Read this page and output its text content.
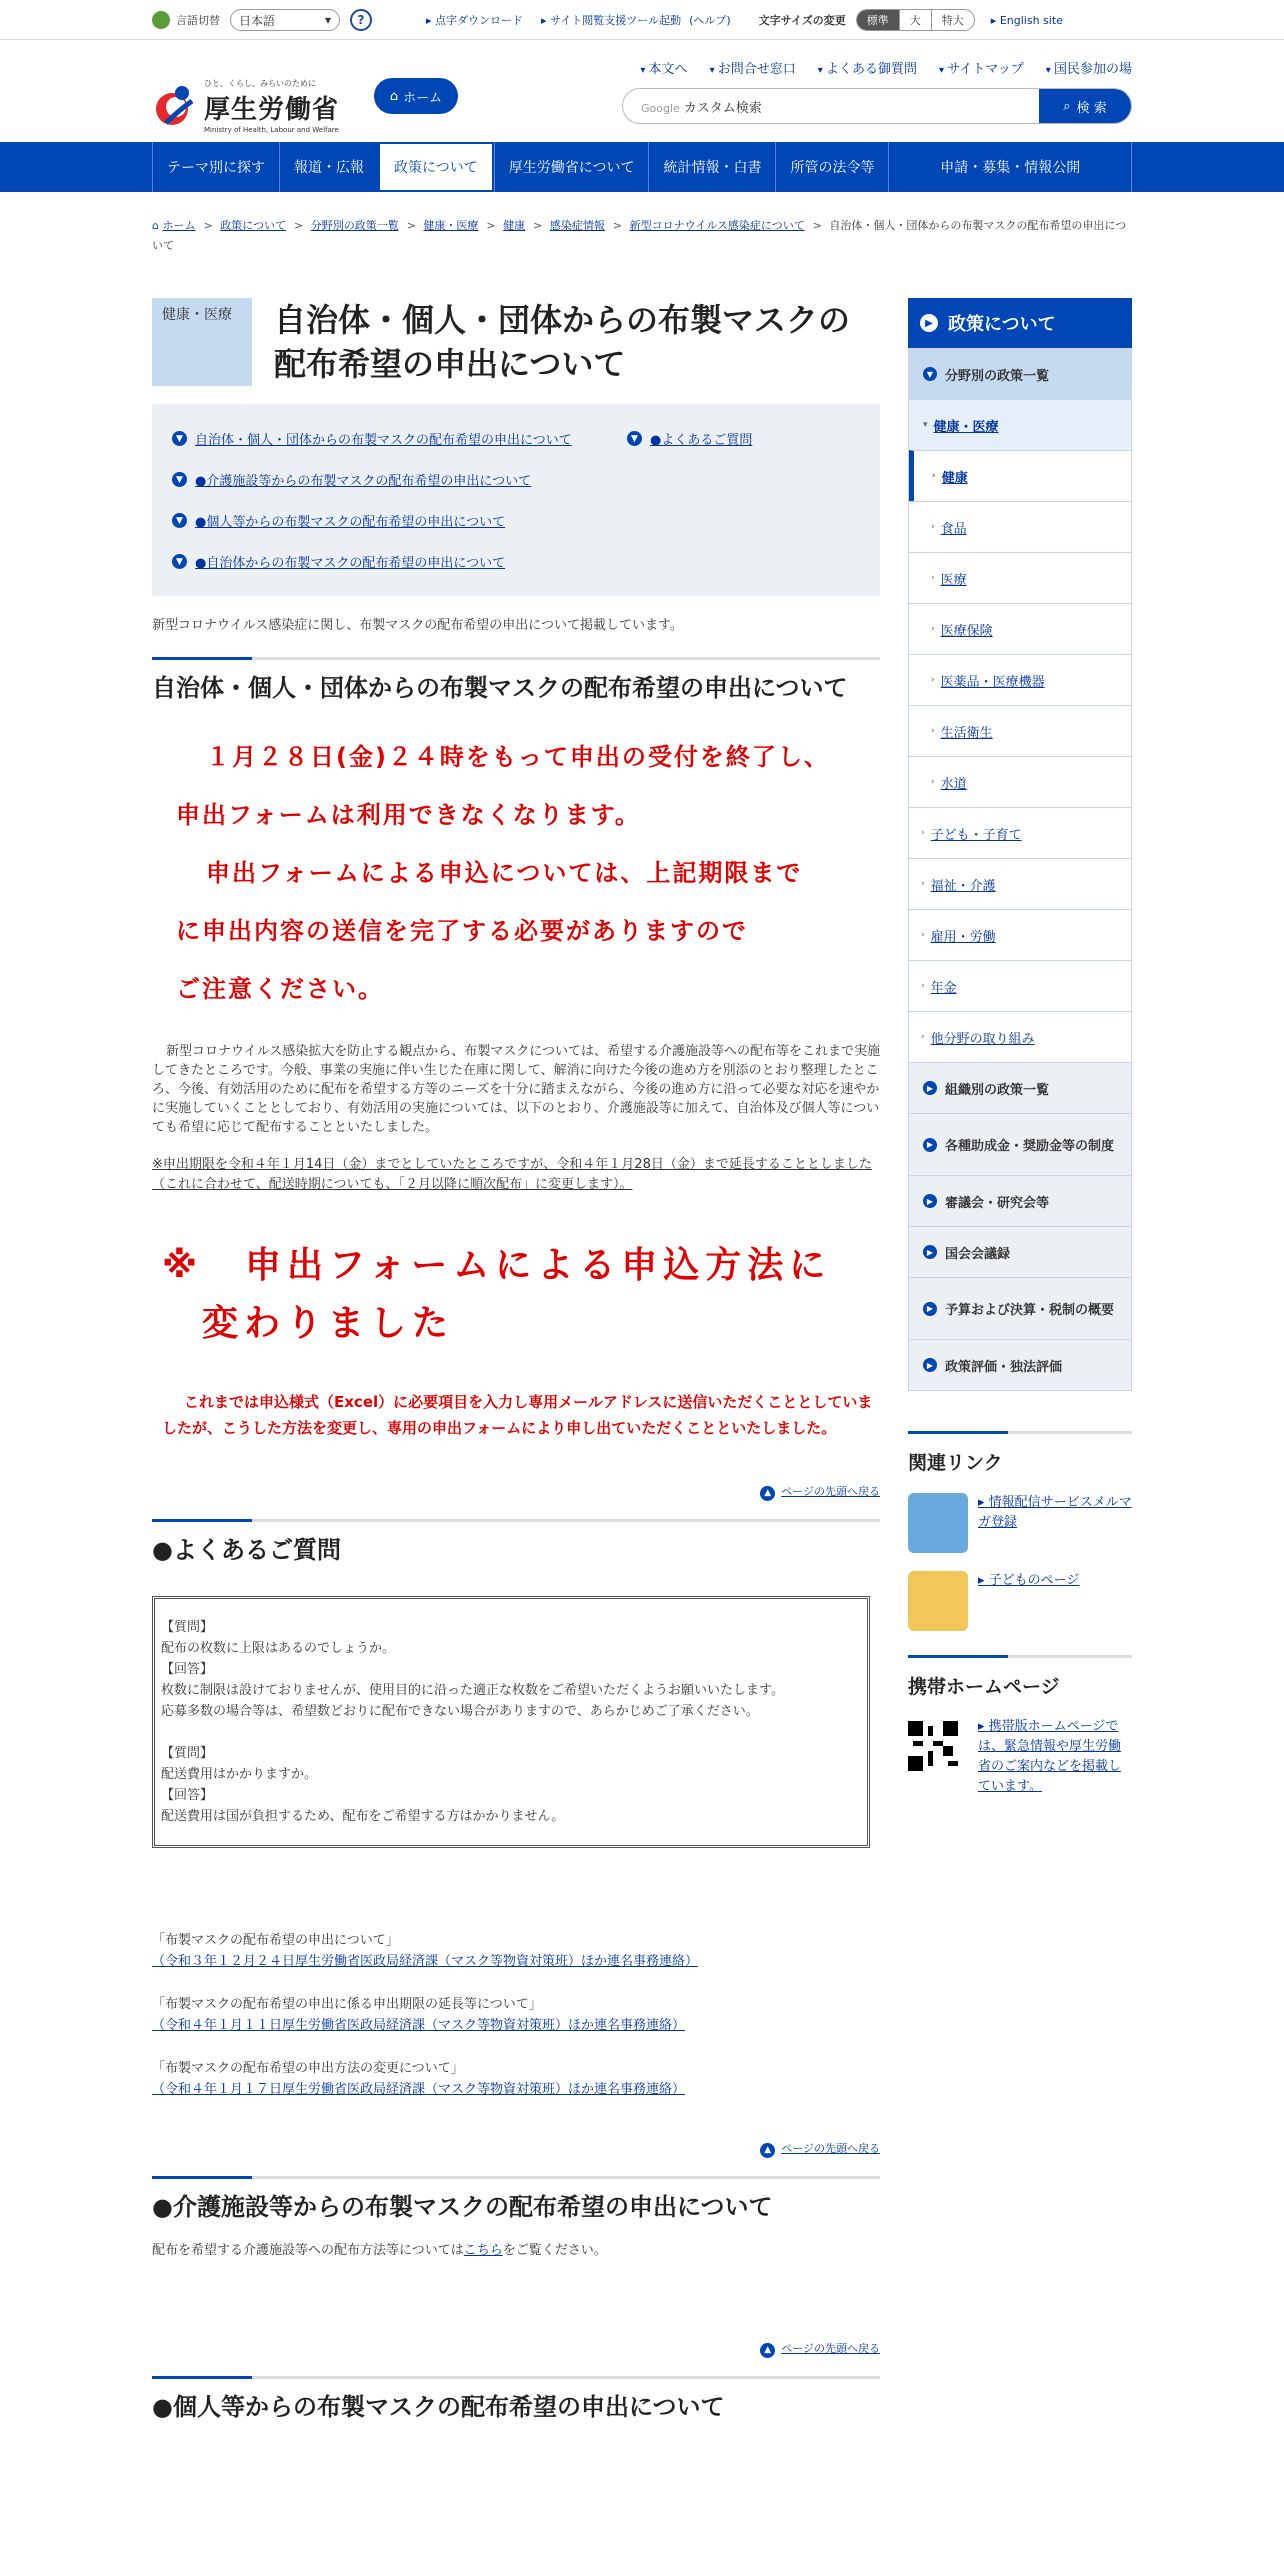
言語切替 日本語	▾	?	▸ 点字ダウンロード	▸ サイト閲覧支援ツール起動 (ヘルプ)	文字サイズの変更	標準	大	特大	▸ English site
ひと、くらし、みらいのために
厚生労働省
Ministry of Health, Labour and Welfare
⌂ ホーム
▾ 本文へ	▾ お問合せ窓口	▾ よくある御質問	▾ サイトマップ	▾ 国民参加の場
Google カスタム検索	⌕ 検 索
テーマ別に探す	報道・広報	政策について	厚生労働省について	統計情報・白書	所管の法令等	申請・募集・情報公開
⌂ ホーム > 政策について > 分野別の政策一覧 > 健康・医療 > 健康 > 感染症情報 > 新型コロナウイルス感染症について > 自治体・個人・団体からの布製マスクの配布希望の申出について
健康・医療	自治体・個人・団体からの布製マスクの配布希望の申出について
▼ 自治体・個人・団体からの布製マスクの配布希望の申出について	▼ ●よくあるご質問
▼ ●介護施設等からの布製マスクの配布希望の申出について
▼ ●個人等からの布製マスクの配布希望の申出について
▼ ●自治体からの布製マスクの配布希望の申出について

新型コロナウイルス感染症に関し、布製マスクの配布希望の申出について掲載しています。

自治体・個人・団体からの布製マスクの配布希望の申出について
１月２８日(金)２４時をもって申出の受付を終了し、
申出フォームは利用できなくなります。
申出フォームによる申込については、上記期限まで
に申出内容の送信を完了する必要がありますので
ご注意ください。

新型コロナウイルス感染拡大を防止する観点から、布製マスクについては、希望する介護施設等への配布等をこれまで実施してきたところです。今般、事業の実施に伴い生じた在庫に関して、解消に向けた今後の進め方を別添のとおり整理したところ、今後、有効活用のために配布を希望する方等のニーズを十分に踏まえながら、今後の進め方に沿って必要な対応を速やかに実施していくこととしており、有効活用の実施については、以下のとおり、介護施設等に加えて、自治体及び個人等についても希望に応じて配布することといたしました。

※申出期限を令和４年１月14日（金）までとしていたところですが、令和４年１月28日（金）まで延長することとしました（これに合わせて、配送時期についても、「２月以降に順次配布」に変更します）。

※　申出フォームによる申込方法に
変わりました

これまでは申込様式（Excel）に必要項目を入力し専用メールアドレスに送信いただくこととしていましたが、こうした方法を変更し、専用の申出フォームにより申し出ていただくことといたしました。

▲ ページの先頭へ戻る
●よくあるご質問
【質問】
配布の枚数に上限はあるのでしょうか。
【回答】
枚数に制限は設けておりませんが、使用目的に沿った適正な枚数をご希望いただくようお願いいたします。
応募多数の場合等は、希望数どおりに配布できない場合がありますので、あらかじめご了承ください。
【質問】
配送費用はかかりますか。
【回答】
配送費用は国が負担するため、配布をご希望する方はかかりません。

「布製マスクの配布希望の申出について」
（令和３年１２月２４日厚生労働省医政局経済課（マスク等物資対策班）ほか連名事務連絡）

「布製マスクの配布希望の申出に係る申出期限の延長等について」
（令和４年１月１１日厚生労働省医政局経済課（マスク等物資対策班）ほか連名事務連絡）

「布製マスクの配布希望の申出方法の変更について」
（令和４年１月１７日厚生労働省医政局経済課（マスク等物資対策班）ほか連名事務連絡）

▲ ページの先頭へ戻る
●介護施設等からの布製マスクの配布希望の申出について

配布を希望する介護施設等への配布方法等についてはこちらをご覧ください。

▲ ページの先頭へ戻る
●個人等からの布製マスクの配布希望の申出について
▶ 政策について
▼ 分野別の政策一覧
▾ 健康・医療
› 健康
› 食品
› 医療
› 医療保険
› 医薬品・医療機器
› 生活衛生
› 水道
› 子ども・子育て
› 福祉・介護
› 雇用・労働
› 年金
› 他分野の取り組み
▶ 組織別の政策一覧
▶ 各種助成金・奨励金等の制度
▶ 審議会・研究会等
▶ 国会会議録
▶ 予算および決算・税制の概要
▶ 政策評価・独法評価
関連リンク
▸ 情報配信サービスメルマガ登録
▸ 子どものページ
携帯ホームページ
▸ 携帯版ホームページでは、緊急情報や厚生労働省のご案内などを掲載しています。
